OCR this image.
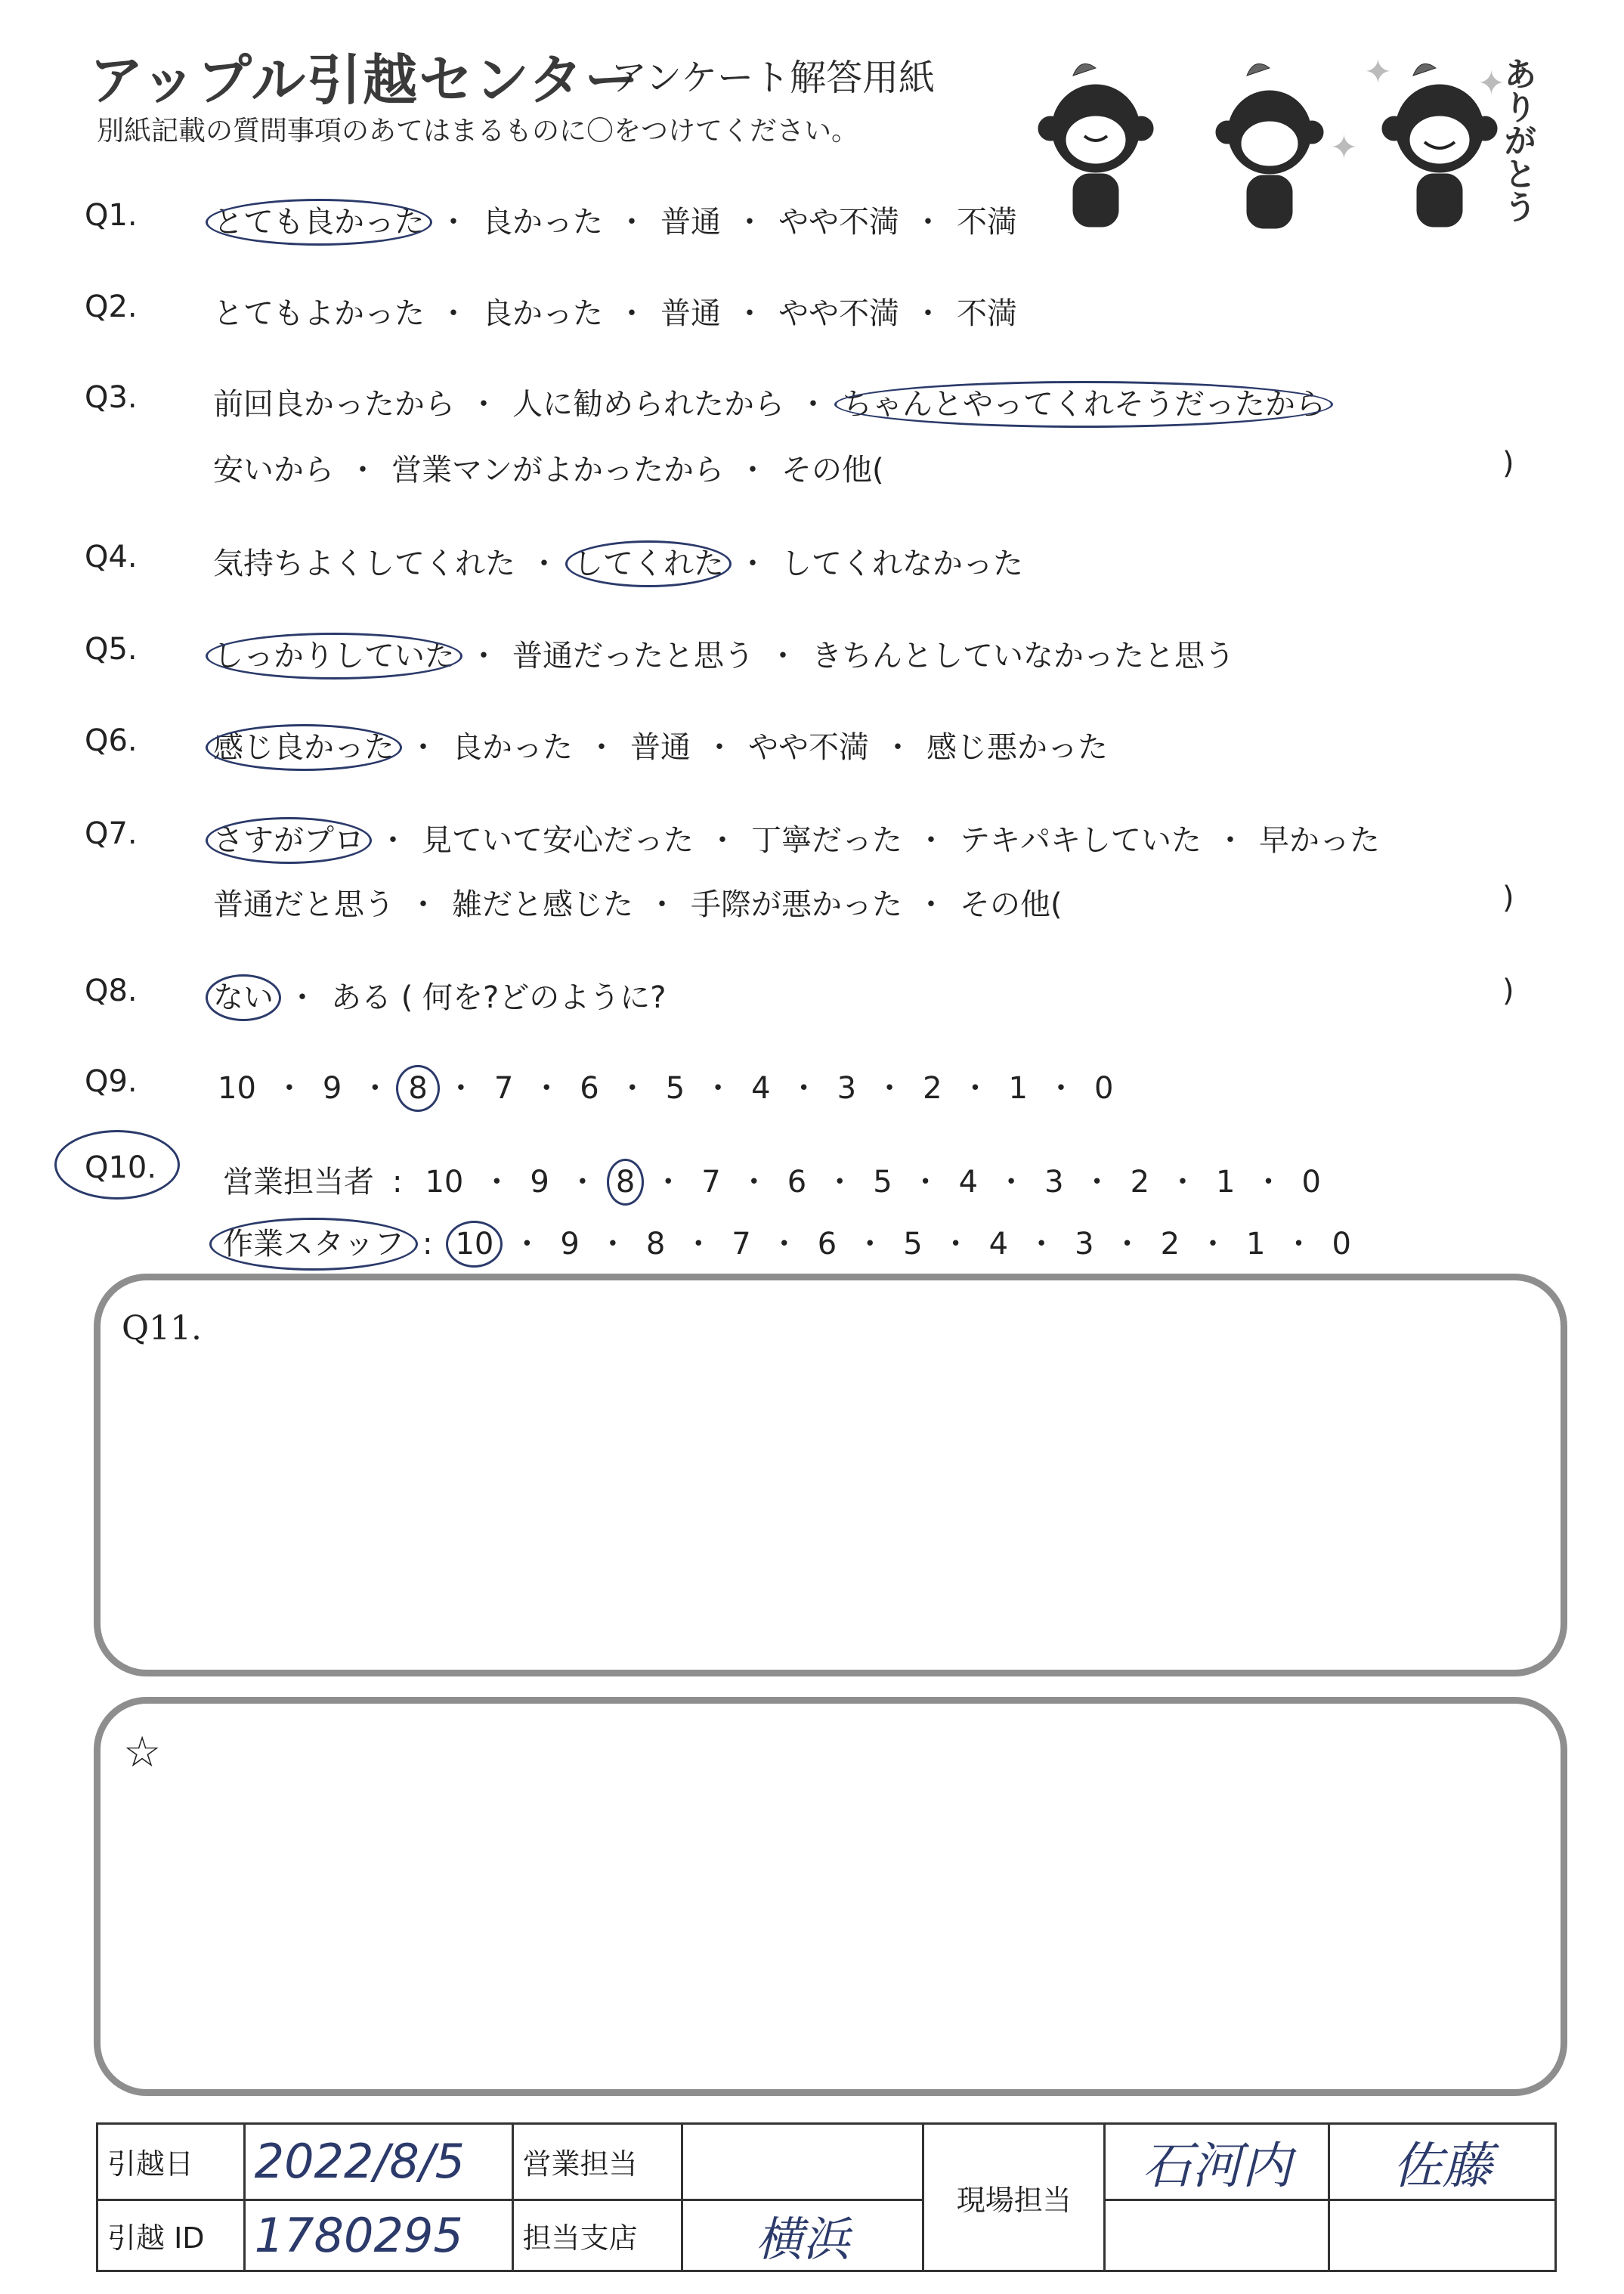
アップル引越センター
アンケート解答用紙
別紙記載の質問事項のあてはまるものに〇をつけてください。
✦
✦
✦
ありがとう
Q1.	とても良かった ・ 良かった ・ 普通 ・ やや不満 ・ 不満
Q2.	とてもよかった ・ 良かった ・ 普通 ・ やや不満 ・ 不満
Q3.	前回良かったから ・ 人に勧められたから ・ ちゃんとやってくれそうだったから
安いから ・ 営業マンがよかったから ・ その他(	)
Q4.	気持ちよくしてくれた ・ してくれた ・ してくれなかった
Q5.	しっかりしていた ・ 普通だったと思う ・ きちんとしていなかったと思う
Q6.	感じ良かった ・ 良かった ・ 普通 ・ やや不満 ・ 感じ悪かった
Q7.	さすがプロ ・ 見ていて安心だった ・ 丁寧だった ・ テキパキしていた ・ 早かった
普通だと思う ・ 雑だと感じた ・ 手際が悪かった ・ その他(	)
Q8.	ない ・ ある ( 何を?どのように?	)
Q9.	10 ・ 9 ・ 8 ・ 7 ・ 6 ・ 5 ・ 4 ・ 3 ・ 2 ・ 1 ・ 0
Q10. 営業担当者 : 10 ・ 9 ・ 8 ・ 7 ・ 6 ・ 5 ・ 4 ・ 3 ・ 2 ・ 1 ・ 0
作業スタッフ : 10 ・ 9 ・ 8 ・ 7 ・ 6 ・ 5 ・ 4 ・ 3 ・ 2 ・ 1 ・ 0
Q11.
☆
引越日	2022/8/5	営業担当		現場担当	石河内	佐藤
引越 ID	1780295	担当支店	横浜			
